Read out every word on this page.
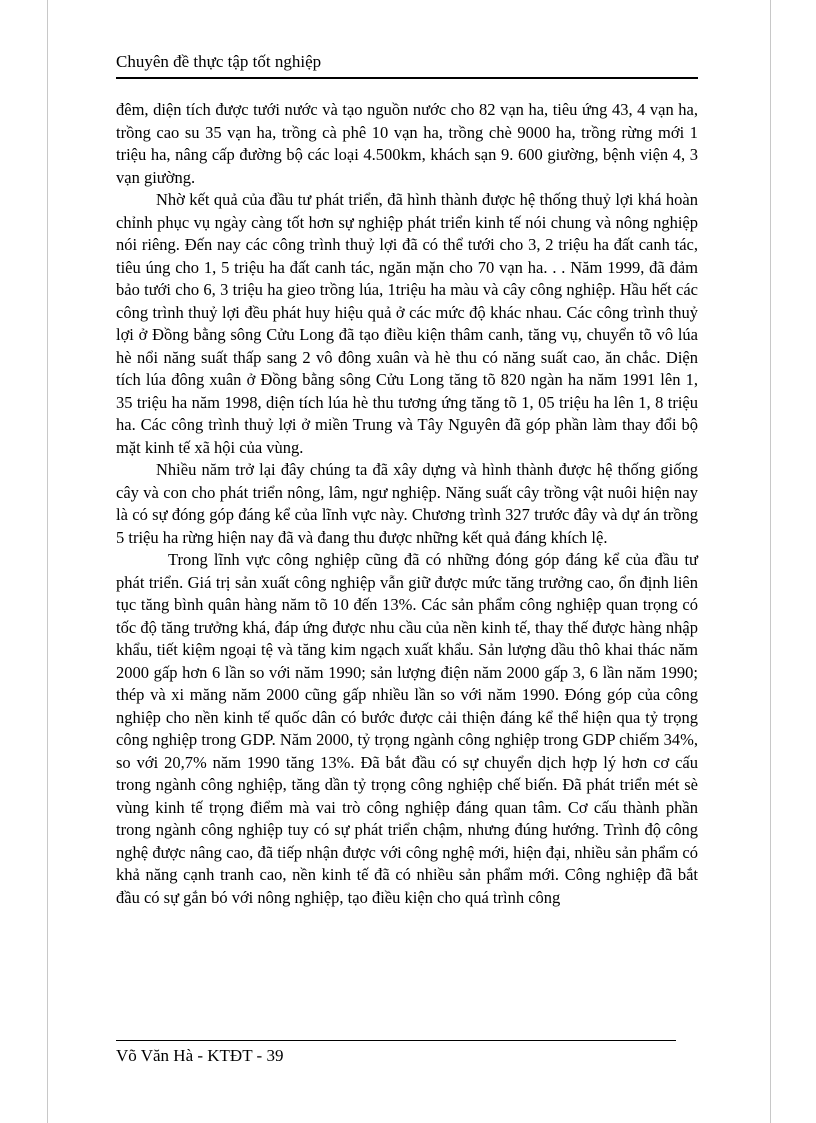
Chuyên đề thực tập tốt nghiệp

đêm, diện tích được tưới nước và tạo nguồn nước cho 82 vạn ha, tiêu ứng 43, 4 vạn ha, trồng cao su 35 vạn ha, trồng cà phê 10 vạn ha, trồng chè 9000 ha, trồng rừng mới 1 triệu ha, nâng cấp đường bộ các loại 4.500km, khách sạn 9. 600 giường, bệnh viện 4, 3 vạn giường.

Nhờ kết quả của đầu tư phát triển, đã hình thành được hệ thống thuỷ lợi khá hoàn chỉnh phục vụ ngày càng tốt hơn sự nghiệp phát triển kinh tế nói chung và nông nghiệp nói riêng. Đến nay các công trình thuỷ lợi đã có thể tưới cho 3, 2 triệu ha đất canh tác, tiêu úng cho 1, 5 triệu ha đất canh tác, ngăn mặn cho 70 vạn ha. . . Năm 1999, đã đảm bảo tưới cho 6, 3 triệu ha gieo trồng lúa, 1triệu ha màu và cây công nghiệp. Hầu hết các công trình thuỷ lợi đều phát huy hiệu quả ở các mức độ khác nhau. Các công trình thuỷ lợi ở Đồng bằng sông Cửu Long đã tạo điều kiện thâm canh, tăng vụ, chuyển tõ vô lúa hè nổi năng suất thấp sang 2 vô đông xuân và hè thu có năng suất cao, ăn chắc. Diện tích lúa đông xuân ở Đồng bằng sông Cửu Long tăng tõ 820 ngàn ha năm 1991 lên 1, 35 triệu ha năm 1998, diện tích lúa hè thu tương ứng tăng tõ 1, 05 triệu ha lên 1, 8 triệu ha. Các công trình thuỷ lợi ở miền Trung và Tây Nguyên đã góp phần làm thay đổi bộ mặt kinh tế xã hội của vùng.

Nhiều năm trở lại đây chúng ta đã xây dựng và hình thành được hệ thống giống cây và con cho phát triển nông, lâm, ngư nghiệp. Năng suất cây trồng vật nuôi hiện nay là có sự đóng góp đáng kể của lĩnh vực này. Chương trình 327 trước đây và dự án trồng 5 triệu ha rừng hiện nay đã và đang thu được những kết quả đáng khích lệ.

Trong lĩnh vực công nghiệp cũng đã có những đóng góp đáng kể của đầu tư phát triển. Giá trị sản xuất công nghiệp vẫn giữ được mức tăng trưởng cao, ổn định liên tục tăng bình quân hàng năm tõ 10 đến 13%. Các sản phẩm công nghiệp quan trọng có tốc độ tăng trưởng khá, đáp ứng được nhu cầu của nền kinh tế, thay thế được hàng nhập khẩu, tiết kiệm ngoại tệ và tăng kim ngạch xuất khẩu. Sản lượng dầu thô khai thác năm 2000 gấp hơn 6 lần so với năm 1990; sản lượng điện năm 2000 gấp 3, 6 lần năm 1990; thép và xi măng năm 2000 cũng gấp nhiều lần so với năm 1990. Đóng góp của công nghiệp cho nền kinh tế quốc dân có bước được cải thiện đáng kể thể hiện qua tỷ trọng công nghiệp trong GDP. Năm 2000, tỷ trọng ngành công nghiệp trong GDP chiếm 34%, so với 20,7% năm 1990 tăng 13%. Đã bắt đầu có sự chuyển dịch hợp lý hơn cơ cấu trong ngành công nghiệp, tăng dần tỷ trọng công nghiệp chế biến. Đã phát triển mét sè vùng kinh tế trọng điểm mà vai trò công nghiệp đáng quan tâm. Cơ cấu thành phần trong ngành công nghiệp tuy có sự phát triển chậm, nhưng đúng hướng. Trình độ công nghệ được nâng cao, đã tiếp nhận được với công nghệ mới, hiện đại, nhiều sản phẩm có khả năng cạnh tranh cao, nền kinh tế đã có nhiều sản phẩm mới. Công nghiệp đã bắt đầu có sự gắn bó với nông nghiệp, tạo điều kiện cho quá trình công

Võ Văn Hà - KTĐT - 39
